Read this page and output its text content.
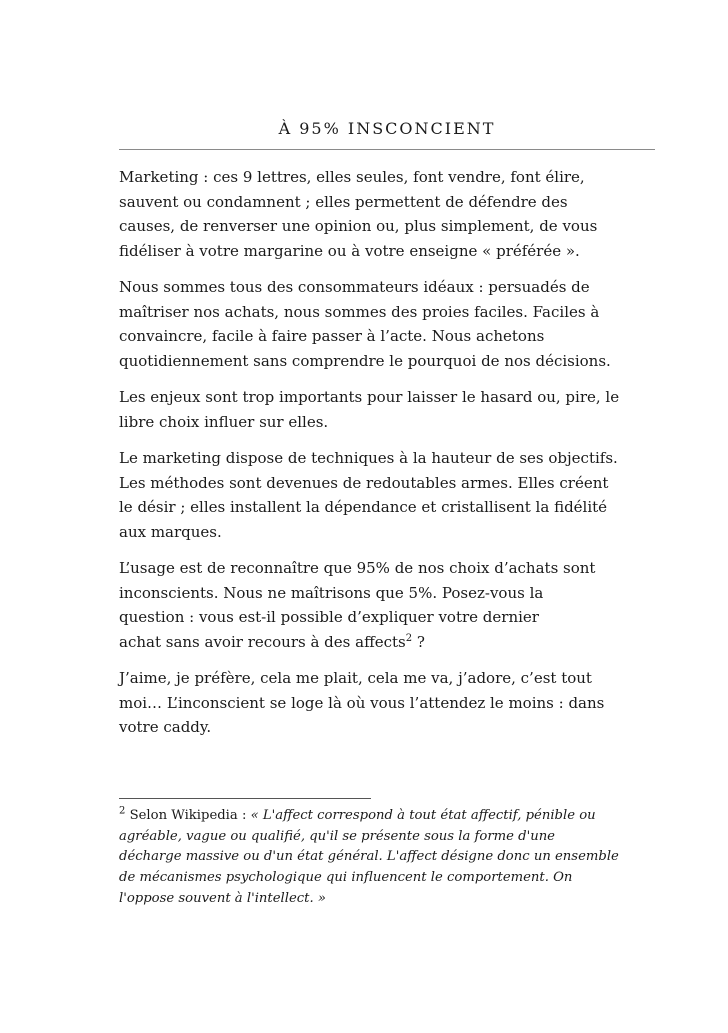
À 95% INSCONCIENT

Marketing : ces 9 lettres, elles seules, font vendre, font élire,
sauvent ou condamnent ; elles permettent de défendre des
causes, de renverser une opinion ou, plus simplement, de vous
fidéliser à votre margarine ou à votre enseigne « préférée ».

Nous sommes tous des consommateurs idéaux : persuadés de
maîtriser nos achats, nous sommes des proies faciles. Faciles à
convaincre, facile à faire passer à l’acte. Nous achetons
quotidiennement sans comprendre le pourquoi de nos décisions.

Les enjeux sont trop importants pour laisser le hasard ou, pire, le
libre choix influer sur elles.

Le marketing dispose de techniques à la hauteur de ses objectifs.
Les méthodes sont devenues de redoutables armes. Elles créent
le désir ; elles installent la dépendance et cristallisent la fidélité
aux marques.

L’usage est de reconnaître que 95% de nos choix d’achats sont
inconscients. Nous ne maîtrisons que 5%. Posez-vous la
question : vous est-il possible d’expliquer votre dernier
achat sans avoir recours à des affects$^2$ ?

J’aime, je préfère, cela me plait, cela me va, j’adore, c’est tout
moi… L’inconscient se loge là où vous l’attendez le moins : dans
votre caddy.

$^2$ Selon Wikipedia : « L'affect correspond à tout état affectif, pénible ou
agréable, vague ou qualifié, qu'il se présente sous la forme d'une
décharge massive ou d'un état général. L'affect désigne donc un ensemble
de mécanismes psychologique qui influencent le comportement. On
l'oppose souvent à l'intellect. »
